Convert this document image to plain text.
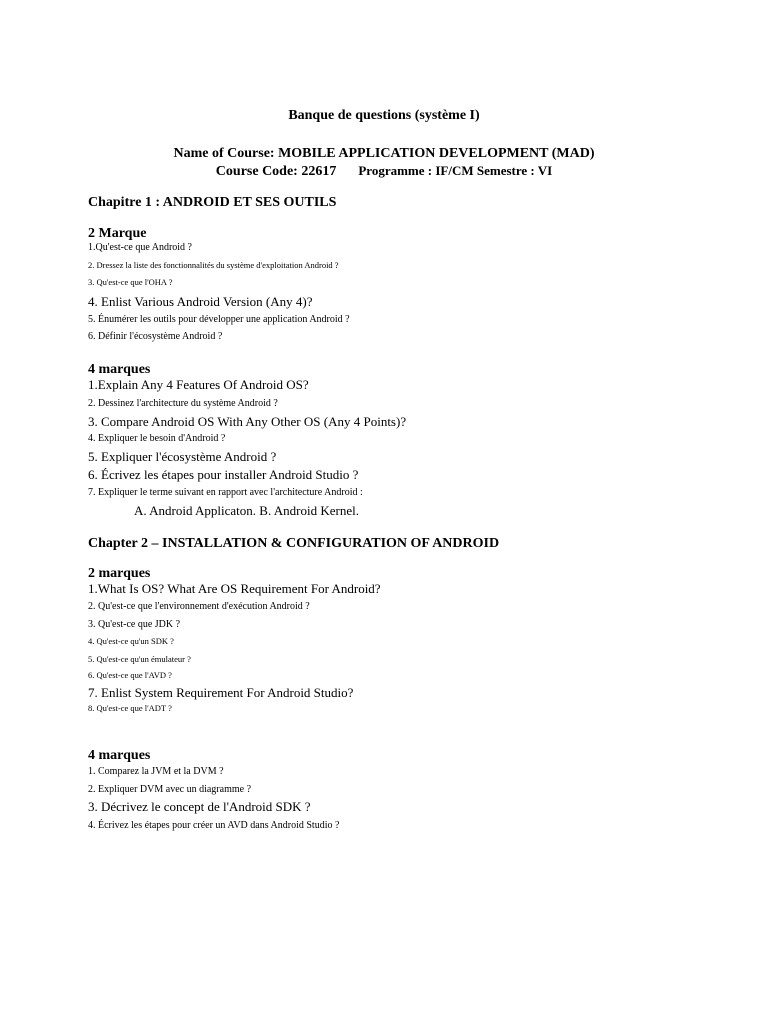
Banque de questions (système I)
Name of Course: MOBILE APPLICATION DEVELOPMENT (MAD)
Course Code: 22617 Programme : IF/CM Semestre : VI
Chapitre 1 : ANDROID ET SES OUTILS
2 Marque
1.Qu'est-ce que Android ?
2. Dressez la liste des fonctionnalités du système d'exploitation Android ?
3. Qu'est-ce que l'OHA ?
4. Enlist Various Android Version (Any 4)?
5. Énumérer les outils pour développer une application Android ?
6. Définir l'écosystème Android ?
4 marques
1.Explain Any 4 Features Of Android OS?
2. Dessinez l'architecture du système Android ?
3. Compare Android OS With Any Other OS (Any 4 Points)?
4. Expliquer le besoin d'Android ?
5. Expliquer l'écosystème Android ?
6. Écrivez les étapes pour installer Android Studio ?
7. Expliquer le terme suivant en rapport avec l'architecture Android :
A. Android Applicaton. B. Android Kernel.
Chapter 2 – INSTALLATION & CONFIGURATION OF ANDROID
2 marques
1.What Is OS? What Are OS Requirement For Android?
2. Qu'est-ce que l'environnement d'exécution Android ?
3. Qu'est-ce que JDK ?
4. Qu'est-ce qu'un SDK ?
5. Qu'est-ce qu'un émulateur ?
6. Qu'est-ce que l'AVD ?
7. Enlist System Requirement For Android Studio?
8. Qu'est-ce que l'ADT ?
4 marques
1. Comparez la JVM et la DVM ?
2. Expliquer DVM avec un diagramme ?
3. Décrivez le concept de l'Android SDK ?
4. Écrivez les étapes pour créer un AVD dans Android Studio ?
